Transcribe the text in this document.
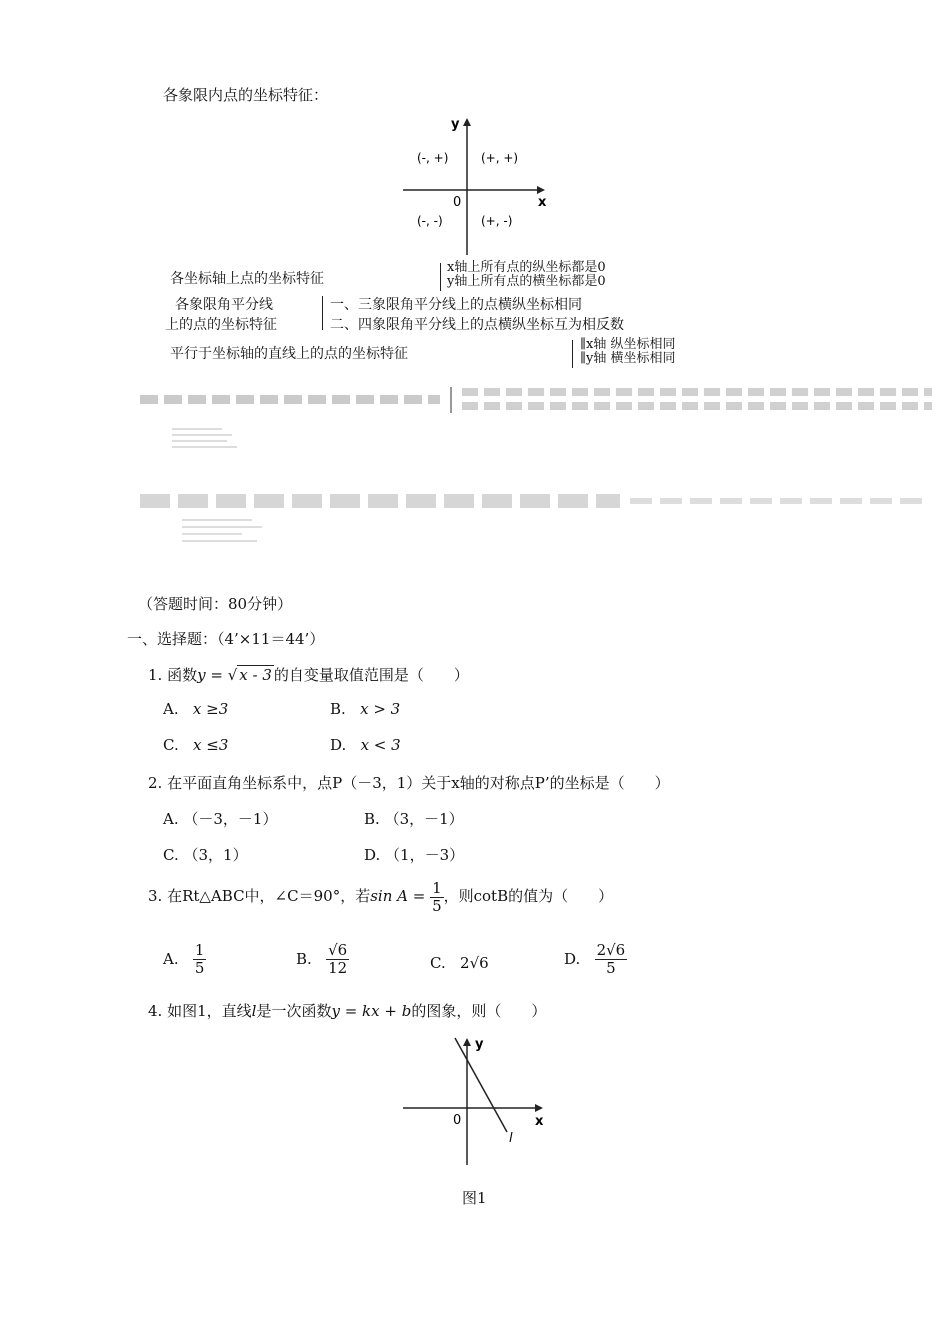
各象限内点的坐标特征：
y
x
0
(-, +)	(+, +)
(-, -)	(+, -)
各坐标轴上点的坐标特征
x轴上所有点的纵坐标都是0
y轴上所有点的横坐标都是0
各象限角平分线
上的点的坐标特征
一、三象限角平分线上的点横纵坐标相同
二、四象限角平分线上的点横纵坐标互为相反数
平行于坐标轴的直线上的点的坐标特征
∥x轴 纵坐标相同
∥y轴 横坐标相同
（答题时间：80分钟）
一、选择题：（4’×11＝44’）
1. 函数y = √ x - 3 的自变量取值范围是（　　）
A. x ≥3	B. x > 3
C. x ≤3	D. x < 3
2. 在平面直角坐标系中，点P（－3，1）关于x轴的对称点P’的坐标是（　　）
A. （－3，－1）	B. （3，－1）
C. （3，1）	D. （1，－3）
3. 在Rt△ABC中，∠C＝90°，若$\sin A = \frac{1}{5}$ ，则cotB的值为（　　）
A. $\frac{1}{5}$	B. $\frac{√6}{12}$	C. 2√6	D. $\frac{2√6}{5}$
4. 如图1，直线l是一次函数y = kx + b的图象，则（　　）
y
x
0
l
图1
